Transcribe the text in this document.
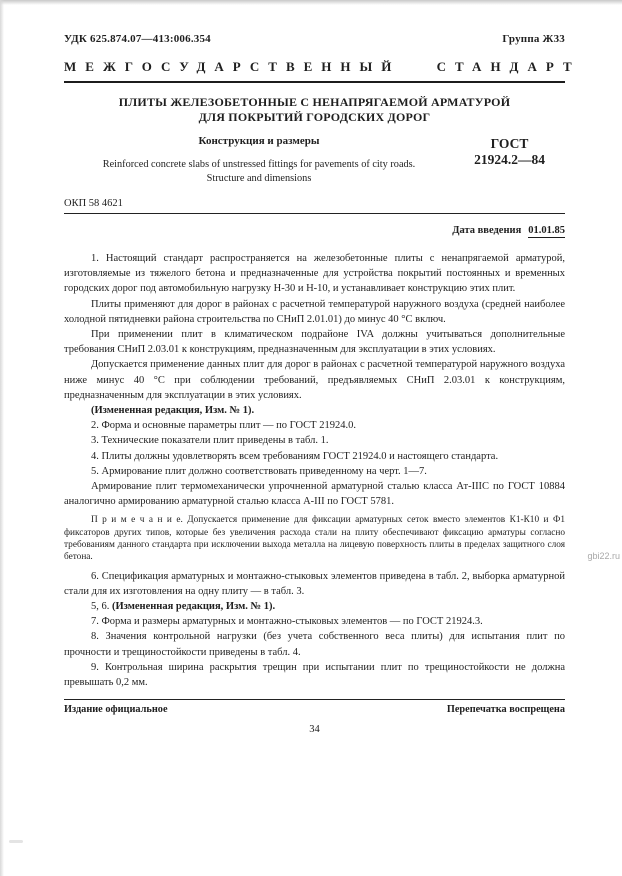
УДК 625.874.07—413:006.354	Группа Ж33
МЕЖГОСУДАРСТВЕННЫЙ СТАНДАРТ
ПЛИТЫ ЖЕЛЕЗОБЕТОННЫЕ С НЕНАПРЯГАЕМОЙ АРМАТУРОЙ
ДЛЯ ПОКРЫТИЙ ГОРОДСКИХ ДОРОГ
Конструкция и размеры
Reinforced concrete slabs of unstressed fittings for pavements of city roads.
Structure and dimensions
ГОСТ
21924.2—84
ОКП 58 4621
Дата введения 01.01.85

1. Настоящий стандарт распространяется на железобетонные плиты с ненапрягаемой арматурой, изготовляемые из тяжелого бетона и предназначенные для устройства покрытий постоянных и временных городских дорог под автомобильную нагрузку Н-30 и Н-10, и устанавливает конструкцию этих плит.

Плиты применяют для дорог в районах с расчетной температурой наружного воздуха (средней наиболее холодной пятидневки района строительства по СНиП 2.01.01) до минус 40 °С включ.

При применении плит в климатическом подрайоне IVA должны учитываться дополнительные требования СНиП 2.03.01 к конструкциям, предназначенным для эксплуатации в этих условиях.

Допускается применение данных плит для дорог в районах с расчетной температурой наружного воздуха ниже минус 40 °С при соблюдении требований, предъявляемых СНиП 2.03.01 к конструкциям, предназначенным для эксплуатации в этих условиях.

(Измененная редакция, Изм. № 1).

2. Форма и основные параметры плит — по ГОСТ 21924.0.

3. Технические показатели плит приведены в табл. 1.

4. Плиты должны удовлетворять всем требованиям ГОСТ 21924.0 и настоящего стандарта.

5. Армирование плит должно соответствовать приведенному на черт. 1—7.

Армирование плит термомеханически упрочненной арматурной сталью класса Ат-IIIС по ГОСТ 10884 аналогично армированию арматурной сталью класса А-III по ГОСТ 5781.

П р и м е ч а н и е. Допускается применение для фиксации арматурных сеток вместо элементов К1-К10 и Ф1 фиксаторов других типов, которые без увеличения расхода стали на плиту обеспечивают фиксацию арматуры согласно требованиям данного стандарта при исключении выхода металла на лицевую поверхность плиты в пределах защитного слоя бетона.

6. Спецификация арматурных и монтажно-стыковых элементов приведена в табл. 2, выборка арматурной стали для их изготовления на одну плиту — в табл. 3.

5, 6. (Измененная редакция, Изм. № 1).

7. Форма и размеры арматурных и монтажно-стыковых элементов — по ГОСТ 21924.3.

8. Значения контрольной нагрузки (без учета собственного веса плиты) для испытания плит по прочности и трещиностойкости приведены в табл. 4.

9. Контрольная ширина раскрытия трещин при испытании плит по трещиностойкости не должна превышать 0,2 мм.

Издание официальное	Перепечатка воспрещена
34
gbi22.ru
